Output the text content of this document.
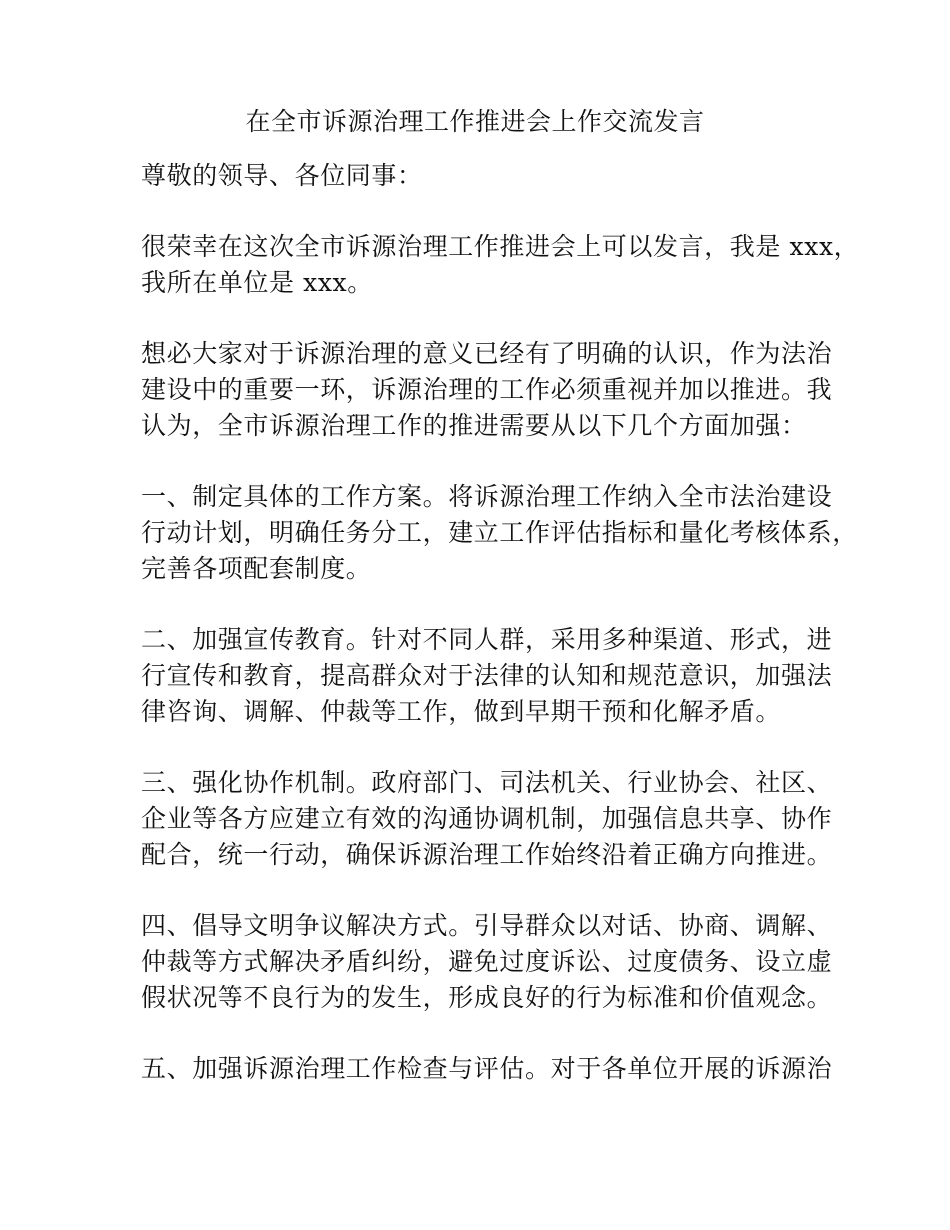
在全市诉源治理工作推进会上作交流发言
尊敬的领导、各位同事：
很荣幸在这次全市诉源治理工作推进会上可以发言，我是 xxx，
我所在单位是 xxx。
想必大家对于诉源治理的意义已经有了明确的认识，作为法治
建设中的重要一环，诉源治理的工作必须重视并加以推进。我
认为，全市诉源治理工作的推进需要从以下几个方面加强：
一、制定具体的工作方案。将诉源治理工作纳入全市法治建设
行动计划，明确任务分工，建立工作评估指标和量化考核体系，
完善各项配套制度。
二、加强宣传教育。针对不同人群，采用多种渠道、形式，进
行宣传和教育，提高群众对于法律的认知和规范意识，加强法
律咨询、调解、仲裁等工作，做到早期干预和化解矛盾。
三、强化协作机制。政府部门、司法机关、行业协会、社区、
企业等各方应建立有效的沟通协调机制，加强信息共享、协作
配合，统一行动，确保诉源治理工作始终沿着正确方向推进。
四、倡导文明争议解决方式。引导群众以对话、协商、调解、
仲裁等方式解决矛盾纠纷，避免过度诉讼、过度债务、设立虚
假状况等不良行为的发生，形成良好的行为标准和价值观念。
五、加强诉源治理工作检查与评估。对于各单位开展的诉源治
